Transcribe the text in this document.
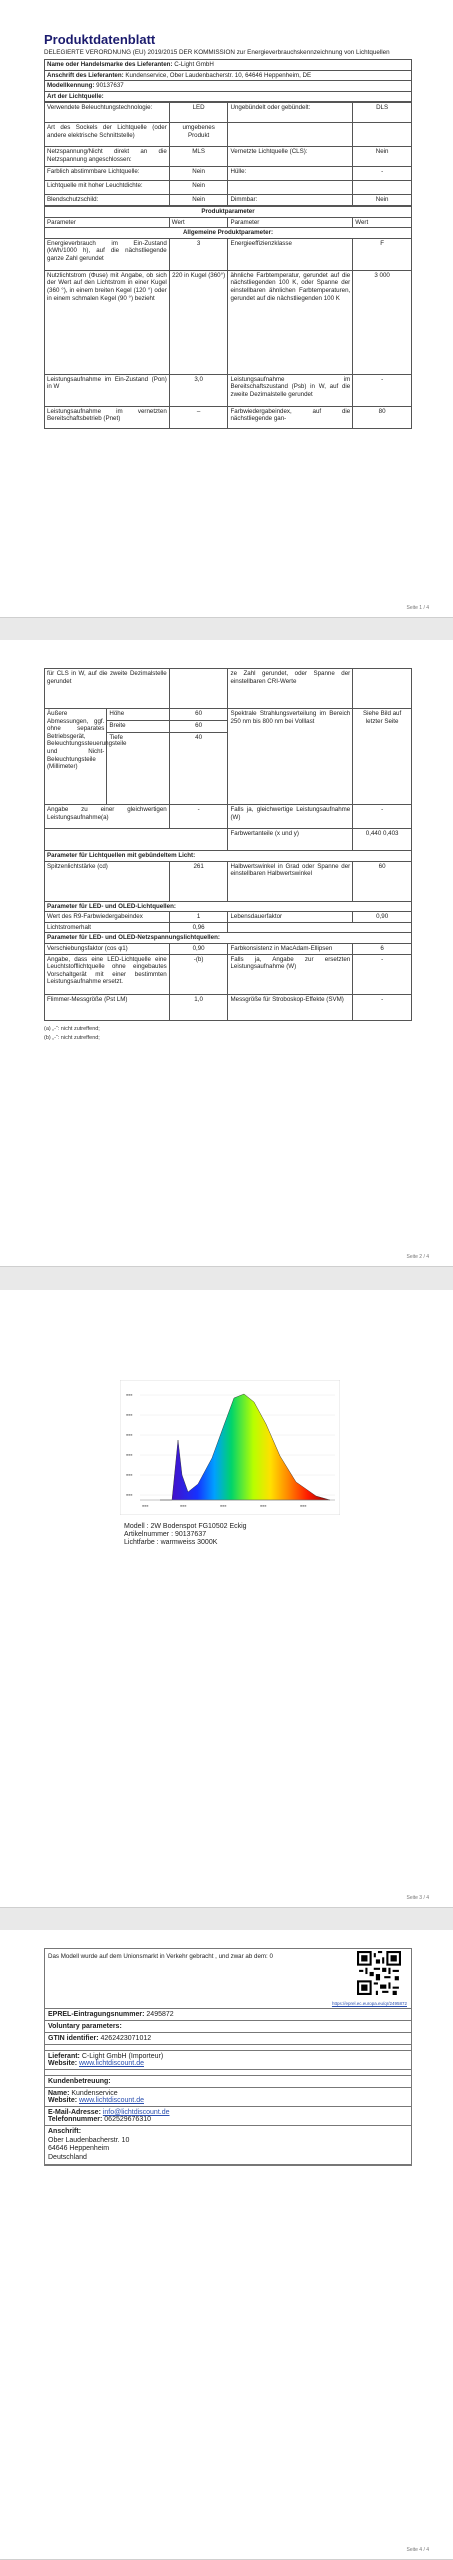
Produktdatenblatt

DELEGIERTE VERORDNUNG (EU) 2019/2015 DER KOMMISSION zur Energieverbrauchskennzeichnung von Lichtquellen

Name oder Handelsmarke des Lieferanten: C-Light GmbH
Anschrift des Lieferanten: Kundenservice, Ober Laudenbacherstr. 10, 64646 Heppenheim, DE
Modellkennung: 90137637
Art der Lichtquelle:
Verwendete Beleuchtungstechnologie:	LED	Ungebündelt oder gebündelt:	DLS
Art des Sockels der Lichtquelle (oder andere elektrische Schnittstelle)	umgebenes Produkt		
Netzspannung/Nicht direkt an die Netzspannung angeschlossen:	MLS	Vernetzte Lichtquelle (CLS):	Nein
Farblich abstimmbare Lichtquelle:	Nein	Hülle:	-
Lichtquelle mit hoher Leuchtdichte:	Nein		
Blendschutzschild:	Nein	Dimmbar:	Nein
Produktparameter			
Parameter	Wert	Parameter	Wert
Allgemeine Produktparameter:			
Energieverbrauch im Ein-Zustand (kWh/1000 h), auf die nächstliegende ganze Zahl gerundet	3	Energieeffizienzklasse	F
Nutzlichtstrom (Φuse) mit Angabe, ob sich der Wert auf den Lichtstrom in einer Kugel (360 °), in einem breiten Kegel (120 °) oder in einem schmalen Kegel (90 °) bezieht	220 in Kugel (360°)	ähnliche Farbtemperatur, gerundet auf die nächstliegenden 100 K, oder Spanne der einstellbaren ähnlichen Farbtemperaturen, gerundet auf die nächstliegenden 100 K	3 000
Leistungsaufnahme im Ein-Zustand (Pon) in W	3,0	Leistungsaufnahme im Bereitschaftszustand (Psb) in W, auf die zweite Dezimalstelle gerundet	-
Leistungsaufnahme im vernetzten Bereitschaftsbetrieb (Pnet)	–	Farbwiedergabeindex, auf die nächstliegende gan-	80
Seite 1 / 4
für CLS in W, auf die zweite Dezimalstelle gerundet			ze Zahl gerundet, oder Spanne der einstellbaren CRI-Werte	
Äußere Abmessungen, ggf. ohne separates Betriebsgerät, Beleuchtungssteuerungsteile und Nicht-Beleuchtungsteile (Millimeter)	Höhe	60	Spektrale Strahlungsverteilung im Bereich 250 nm bis 800 nm bei Volllast	Siehe Bild auf letzter Seite
	Breite	60		
	Tiefe	40		
Angabe zu einer gleichwertigen Leistungsaufnahme(a)		-	Falls ja, gleichwertige Leistungsaufnahme (W)	-
			Farbwertanteile (x und y)	0,440 0,403
Parameter für Lichtquellen mit gebündeltem Licht:				
Spitzenlichtstärke (cd)		261	Halbwertswinkel in Grad oder Spanne der einstellbaren Halbwertswinkel	60
Parameter für LED- und OLED-Lichtquellen:				
Wert des R9-Farbwiedergabeindex		1	Lebensdauerfaktor	0,90
Lichtstromerhalt		0,96		
Parameter für LED- und OLED-Netzspannungslichtquellen:				
Verschiebungsfaktor (cos φ1)		0,90	Farbkonsistenz in MacAdam-Ellipsen	6
Angabe, dass eine LED-Lichtquelle eine Leuchtstofflichtquelle ohne eingebautes Vorschaltgerät mit einer bestimmten Leistungsaufnahme ersetzt.		-(b)	Falls ja, Angabe zur ersetzten Leistungsaufnahme (W)	-
Flimmer-Messgröße (Pst LM)		1,0	Messgröße für Stroboskop-Effekte (SVM)	-
(a) „-“: nicht zutreffend;
(b) „-“: nicht zutreffend;
Seite 2 / 4
■■■
■■■
■■■
■■■
■■■
■■■
■■■	■■■	■■■	■■■	■■■
Modell : 2W Bodenspot FG10502 Eckig
Artikelnummer : 90137637
Lichtfarbe : warmweiss 3000K
Seite 3 / 4
Das Modell wurde auf dem Unionsmarkt in Verkehr gebracht , und zwar ab dem: 0
https://eprel.ec.europa.eu/qr/2495872
EPREL-Eintragungsnummer: 2495872
Voluntary parameters:
GTIN identifier: 4262423071012
Lieferant: C-Light GmbH (Importeur) Website: www.lichtdiscount.de
Kundenbetreuung:
Name: Kundenservice Website: www.lichtdiscount.de
E-Mail-Adresse: info@lichtdiscount.de Telefonnummer: 062529676310
Anschrift:
Ober Laudenbacherstr. 10
64646 Heppenheim
Deutschland
Seite 4 / 4
